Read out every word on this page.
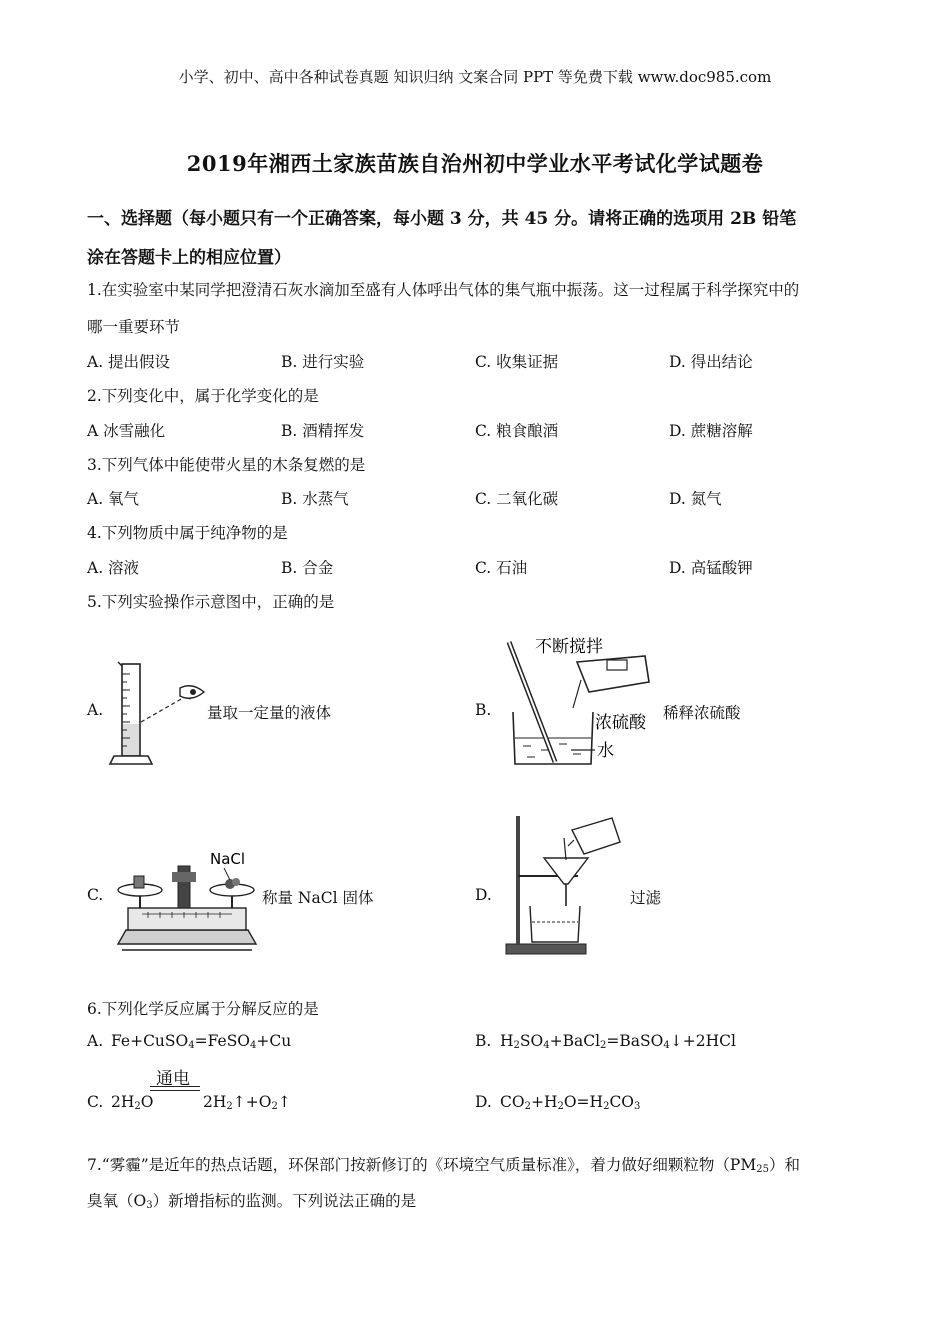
小学、初中、高中各种试卷真题 知识归纳 文案合同 PPT 等免费下载 www.doc985.com
2019年湘西土家族苗族自治州初中学业水平考试化学试题卷
一、选择题（每小题只有一个正确答案，每小题 3 分，共 45 分。请将正确的选项用 2B 铅笔
涂在答题卡上的相应位置）
1.在实验室中某同学把澄清石灰水滴加至盛有人体呼出气体的集气瓶中振荡。这一过程属于科学探究中的
哪一重要环节
A. 提出假设	B. 进行实验	C. 收集证据	D. 得出结论
2.下列变化中，属于化学变化的是
A 冰雪融化	B. 酒精挥发	C. 粮食酿酒	D. 蔗糖溶解
3.下列气体中能使带火星的木条复燃的是
A. 氧气	B. 水蒸气	C. 二氧化碳	D. 氮气
4.下列物质中属于纯净物的是
A. 溶液	B. 合金	C. 石油	D. 高锰酸钾
5.下列实验操作示意图中，正确的是
A.	量取一定量的液体	B.
不断搅拌
浓硫酸
水
稀释浓硫酸
C.
NaCl
称量 NaCl 固体	D.	过滤
6.下列化学反应属于分解反应的是
A. Fe+CuSO$_4$=FeSO$_4$+Cu	B. $H_2SO_4+BaCl_2=BaSO_4↓+2HCl$
C. $2H_2O$
通电
$2H_2↑+O_2↑$	D. $CO_2+H_2O=H_2CO_3$
7.“雾霾”是近年的热点话题，环保部门按新修订的《环境空气质量标准》，着力做好细颗粒物$(PM_{25})$和
臭氧$(O_3)$新增指标的监测。下列说法正确的是
